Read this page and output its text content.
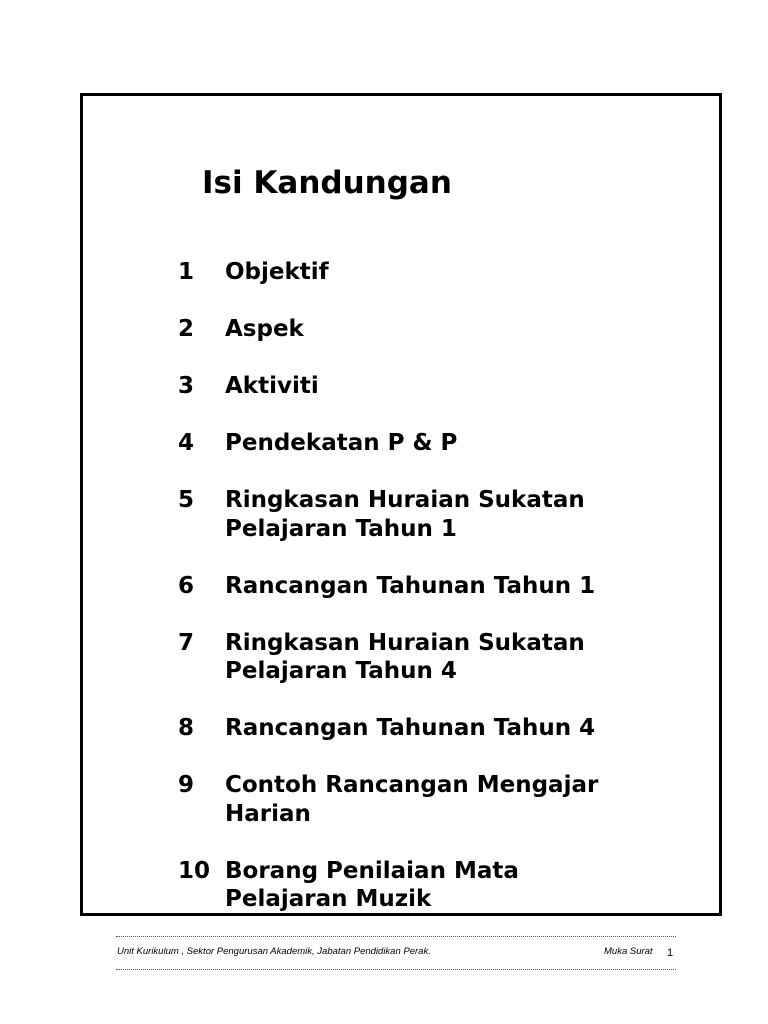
Isi Kandungan
1	Objektif
2	Aspek
3	Aktiviti
4	Pendekatan P & P
5	Ringkasan Huraian Sukatan
Pelajaran Tahun 1
6	Rancangan Tahunan Tahun 1
7	Ringkasan Huraian Sukatan
Pelajaran Tahun 4
8	Rancangan Tahunan Tahun 4
9	Contoh Rancangan Mengajar
Harian
10 Borang Penilaian Mata
Pelajaran Muzik
Unit Kurikulum , Sektor Pengurusan Akademik, Jabatan Pendidikan Perak.	Muka Surat 1
